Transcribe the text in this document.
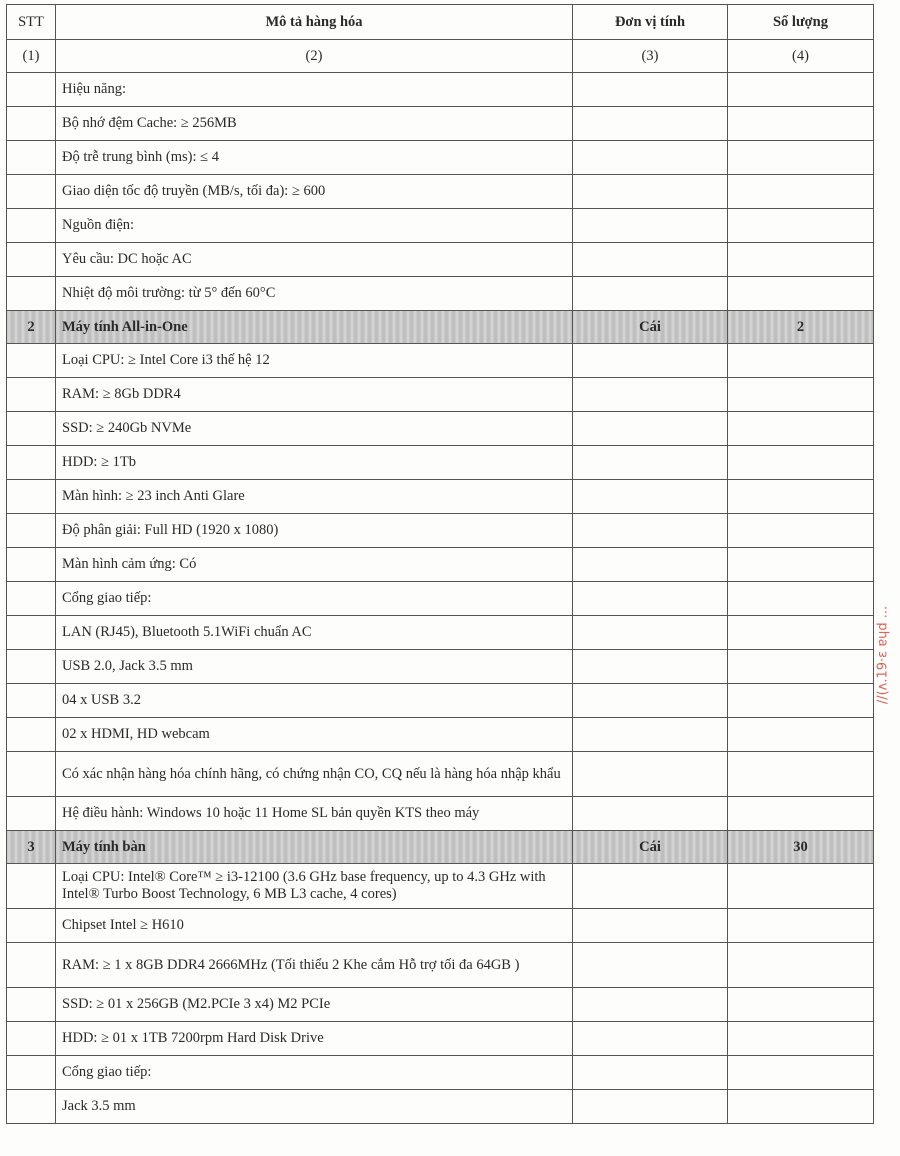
STT	Mô tả hàng hóa	Đơn vị tính	Số lượng
(1)	(2)	(3)	(4)
	Hiệu năng:		
	Bộ nhớ đệm Cache: ≥ 256MB		
	Độ trễ trung bình (ms): ≤ 4		
	Giao diện tốc độ truyền (MB/s, tối đa): ≥ 600		
	Nguồn điện:		
	Yêu cầu: DC hoặc AC		
	Nhiệt độ môi trường: từ 5° đến 60°C		
2	Máy tính All-in-One	Cái	2
	Loại CPU: ≥ Intel Core i3 thế hệ 12		
	RAM: ≥ 8Gb DDR4		
	SSD: ≥ 240Gb NVMe		
	HDD: ≥ 1Tb		
	Màn hình: ≥ 23 inch Anti Glare		
	Độ phân giải: Full HD (1920 x 1080)		
	Màn hình cảm ứng: Có		
	Cổng giao tiếp:		
	LAN (RJ45), Bluetooth 5.1WiFi chuẩn AC		
	USB 2.0, Jack 3.5 mm		
	04 x USB 3.2		
	02 x HDMI, HD webcam		
	Có xác nhận hàng hóa chính hãng, có chứng nhận CO, CQ nếu là hàng hóa nhập khẩu		
	Hệ điều hành: Windows 10 hoặc 11 Home SL bản quyền KTS theo máy		
3	Máy tính bàn	Cái	30
	Loại CPU: Intel® Core™ ≥ i3-12100 (3.6 GHz base frequency, up to 4.3 GHz with Intel® Turbo Boost Technology, 6 MB L3 cache, 4 cores)		
	Chipset Intel ≥ H610		
	RAM: ≥ 1 x 8GB DDR4 2666MHz (Tối thiểu 2 Khe cắm Hỗ trợ tối đa 64GB )		
	SSD: ≥ 01 x 256GB (M2.PCIe 3 x4) M2 PCIe		
	HDD: ≥ 01 x 1TB 7200rpm Hard Disk Drive		
	Cổng giao tiếp:		
	Jack 3.5 mm		
//(ʌ.19·ɛ ɐɥd ...
